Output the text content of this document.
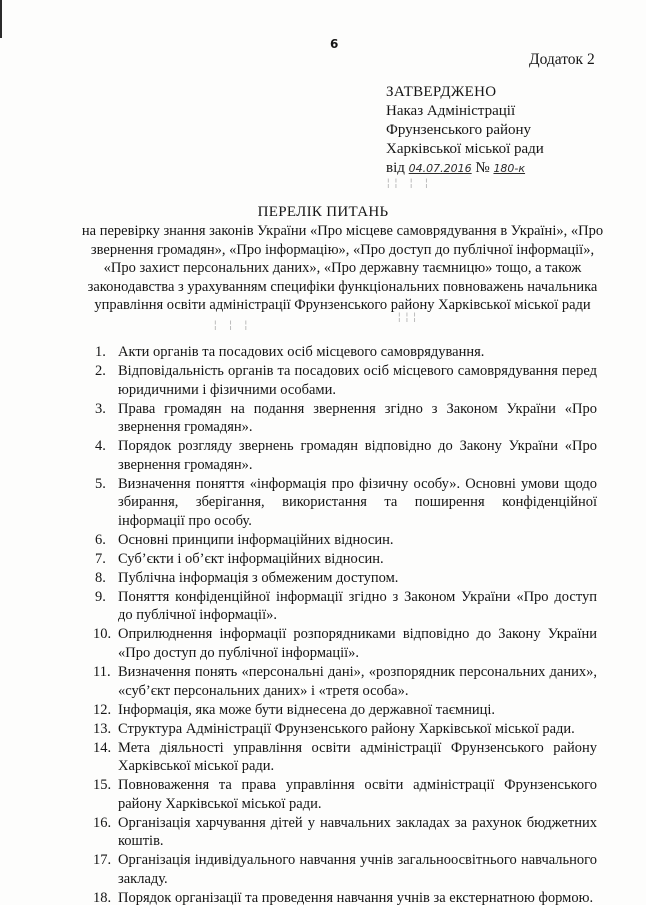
6
Додаток 2
ЗАТВЕРДЖЕНО
Наказ Адміністрації
Фрунзенського району
Харківської міської ради
від 04.07.2016 № 180-к
¦¦ ¦ ¦
ПЕРЕЛІК ПИТАНЬ
на перевірку знання законів України «Про місцеве самоврядування в Україні», «Про звернення громадян», «Про інформацію», «Про доступ до публічної інформації», «Про захист персональних даних», «Про державну таємницю» тощо, а також законодавства з урахуванням специфіки функціональних повноважень начальника управління освіти адміністрації Фрунзенського району Харківської міської ради
¦ ¦ ¦
¦¦¦
1. Акти органів та посадових осіб місцевого самоврядування.
2. Відповідальність органів та посадових осіб місцевого самоврядування перед юридичними і фізичними особами.
3. Права громадян на подання звернення згідно з Законом України «Про звернення громадян».
4. Порядок розгляду звернень громадян відповідно до Закону України «Про звернення громадян».
5. Визначення поняття «інформація про фізичну особу». Основні умови щодо збирання, зберігання, використання та поширення конфіденційної інформації про особу.
6. Основні принципи інформаційних відносин.
7. Суб’єкти і об’єкт інформаційних відносин.
8. Публічна інформація з обмеженим доступом.
9. Поняття конфіденційної інформації згідно з Законом України «Про доступ до публічної інформації».
10. Оприлюднення інформації розпорядниками відповідно до Закону України «Про доступ до публічної інформації».
11. Визначення понять «персональні дані», «розпорядник персональних даних», «суб’єкт персональних даних» і «третя особа».
12. Інформація, яка може бути віднесена до державної таємниці.
13. Структура Адміністрації Фрунзенського району Харківської міської ради.
14. Мета діяльності управління освіти адміністрації Фрунзенського району Харківської міської ради.
15. Повноваження та права управління освіти адміністрації Фрунзенського району Харківської міської ради.
16. Організація харчування дітей у навчальних закладах за рахунок бюджетних коштів.
17. Організація індивідуального навчання учнів загальноосвітнього навчального закладу.
18. Порядок організації та проведення навчання учнів за екстернатною формою.
